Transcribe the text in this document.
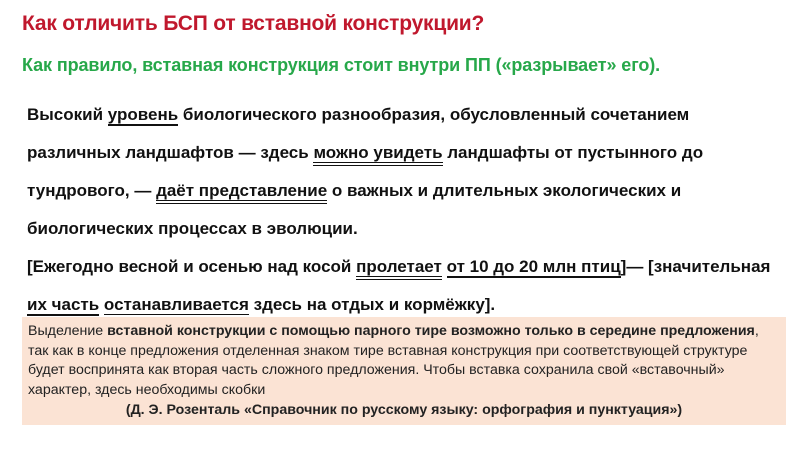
Как отличить БСП от вставной конструкции?
Как правило, вставная конструкция стоит внутри ПП («разрывает» его).
Высокий уровень биологического разнообразия, обусловленный сочетанием
различных ландшафтов — здесь можно увидеть ландшафты от пустынного до
тундрового, — даёт представление о важных и длительных экологических и
биологических процессах в эволюции.
[Ежегодно весной и осенью над косой пролетает от 10 до 20 млн птиц]— [значительная
их часть останавливается здесь на отдых и кормёжку].
Выделение вставной конструкции с помощью парного тире возможно только в середине предложения, так как в конце предложения отделенная знаком тире вставная конструкция при соответствующей структуре будет воспринята как вторая часть сложного предложения. Чтобы вставка сохранила свой «вставочный» характер, здесь необходимы скобки
(Д. Э. Розенталь «Справочник по русскому языку: орфография и пунктуация»)
